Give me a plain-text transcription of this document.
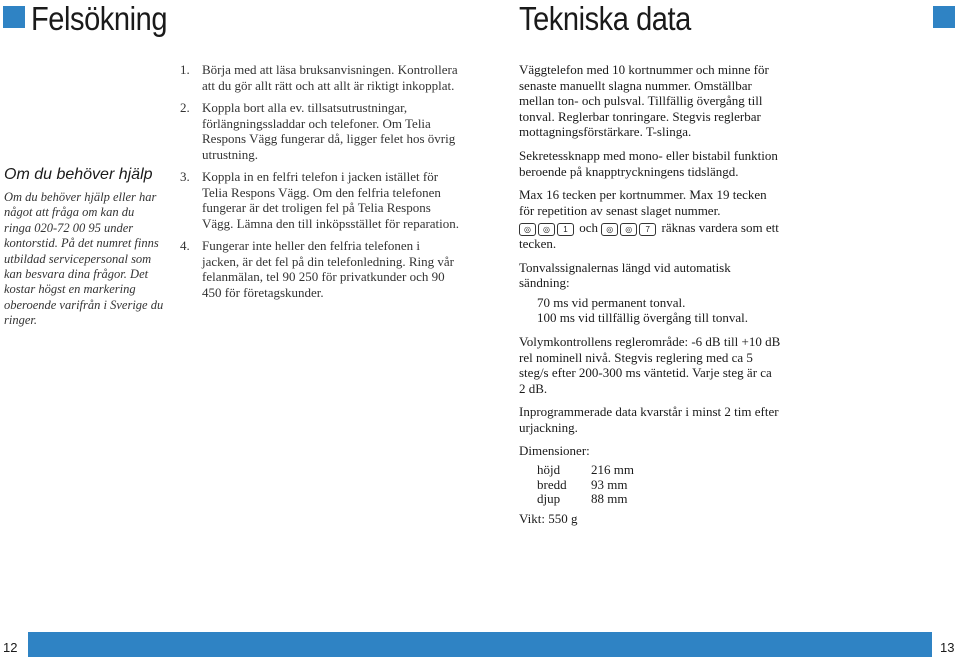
Felsökning	Tekniska data
Om du behöver hjälp

Om du behöver hjälp eller har något att fråga om kan du ringa 020-72 00 95 under kontorstid. På det numret finns utbildad servicepersonal som kan besvara dina frågor. Det kostar högst en markering oberoende varifrån i Sverige du ringer.

1. Börja med att läsa bruksanvisningen. Kontrollera att du gör allt rätt och att allt är riktigt inkopplat.
2. Koppla bort alla ev. tillsatsutrustningar, förlängningssladdar och telefoner. Om Telia Respons Vägg fungerar då, ligger felet hos övrig utrustning.
3. Koppla in en felfri telefon i jacken istället för Telia Respons Vägg. Om den felfria telefonen fungerar är det troligen fel på Telia Respons Vägg. Lämna den till inköpsstället för reparation.
4. Fungerar inte heller den felfria telefonen i jacken, är det fel på din telefonledning. Ring vår felanmälan, tel 90 250 för privatkunder och 90 450 för företagskunder.

Väggtelefon med 10 kortnummer och minne för senaste manuellt slagna nummer. Omställbar mellan ton- och pulsval. Tillfällig övergång till tonval. Reglerbar tonringare. Stegvis reglerbar mottagningsförstärkare. T-slinga.

Sekretessknapp med mono- eller bistabil funktion beroende på knapptryckningens tidslängd.

Max 16 tecken per kortnummer. Max 19 tecken för repetition av senast slaget nummer.

◎ ◎ 1 och ◎ ◎ 7 räknas vardera som ett tecken.

Tonvalssignalernas längd vid automatisk sändning:

70 ms vid permanent tonval.

100 ms vid tillfällig övergång till tonval.

Volymkontrollens reglerområde: -6 dB till +10 dB rel nominell nivå. Stegvis reglering med ca 5 steg/s efter 200-300 ms väntetid. Varje steg är ca 2 dB.

Inprogrammerade data kvarstår i minst 2 tim efter urjackning.

Dimensioner:

höjd	216 mm
bredd	93 mm
djup	88 mm

Vikt: 550 g

12	13
